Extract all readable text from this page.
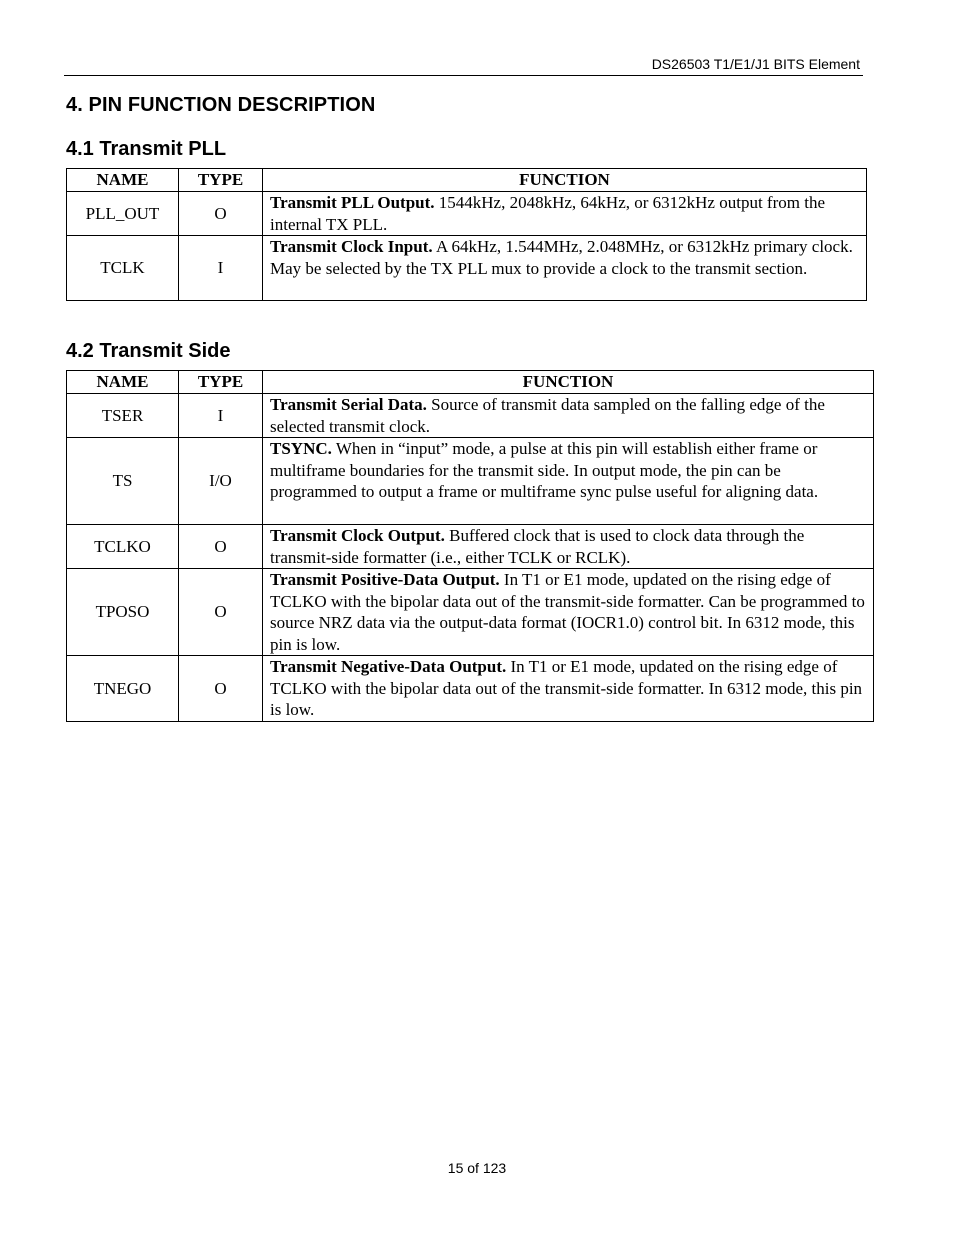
DS26503 T1/E1/J1 BITS Element
4. PIN FUNCTION DESCRIPTION
4.1 Transmit PLL
NAME	TYPE	FUNCTION
PLL_OUT	O	Transmit PLL Output. 1544kHz, 2048kHz, 64kHz, or 6312kHz output from the internal TX PLL.
TCLK	I	Transmit Clock Input. A 64kHz, 1.544MHz, 2.048MHz, or 6312kHz primary clock. May be selected by the TX PLL mux to provide a clock to the transmit section.
4.2 Transmit Side
NAME	TYPE	FUNCTION
TSER	I	Transmit Serial Data. Source of transmit data sampled on the falling edge of the selected transmit clock.
TS	I/O	TSYNC. When in “input” mode, a pulse at this pin will establish either frame or multiframe boundaries for the transmit side. In output mode, the pin can be programmed to output a frame or multiframe sync pulse useful for aligning data.
TCLKO	O	Transmit Clock Output. Buffered clock that is used to clock data through the transmit-side formatter (i.e., either TCLK or RCLK).
TPOSO	O	Transmit Positive-Data Output. In T1 or E1 mode, updated on the rising edge of TCLKO with the bipolar data out of the transmit-side formatter. Can be programmed to source NRZ data via the output-data format (IOCR1.0) control bit. In 6312 mode, this pin is low.
TNEGO	O	Transmit Negative-Data Output. In T1 or E1 mode, updated on the rising edge of TCLKO with the bipolar data out of the transmit-side formatter. In 6312 mode, this pin is low.
15 of 123
